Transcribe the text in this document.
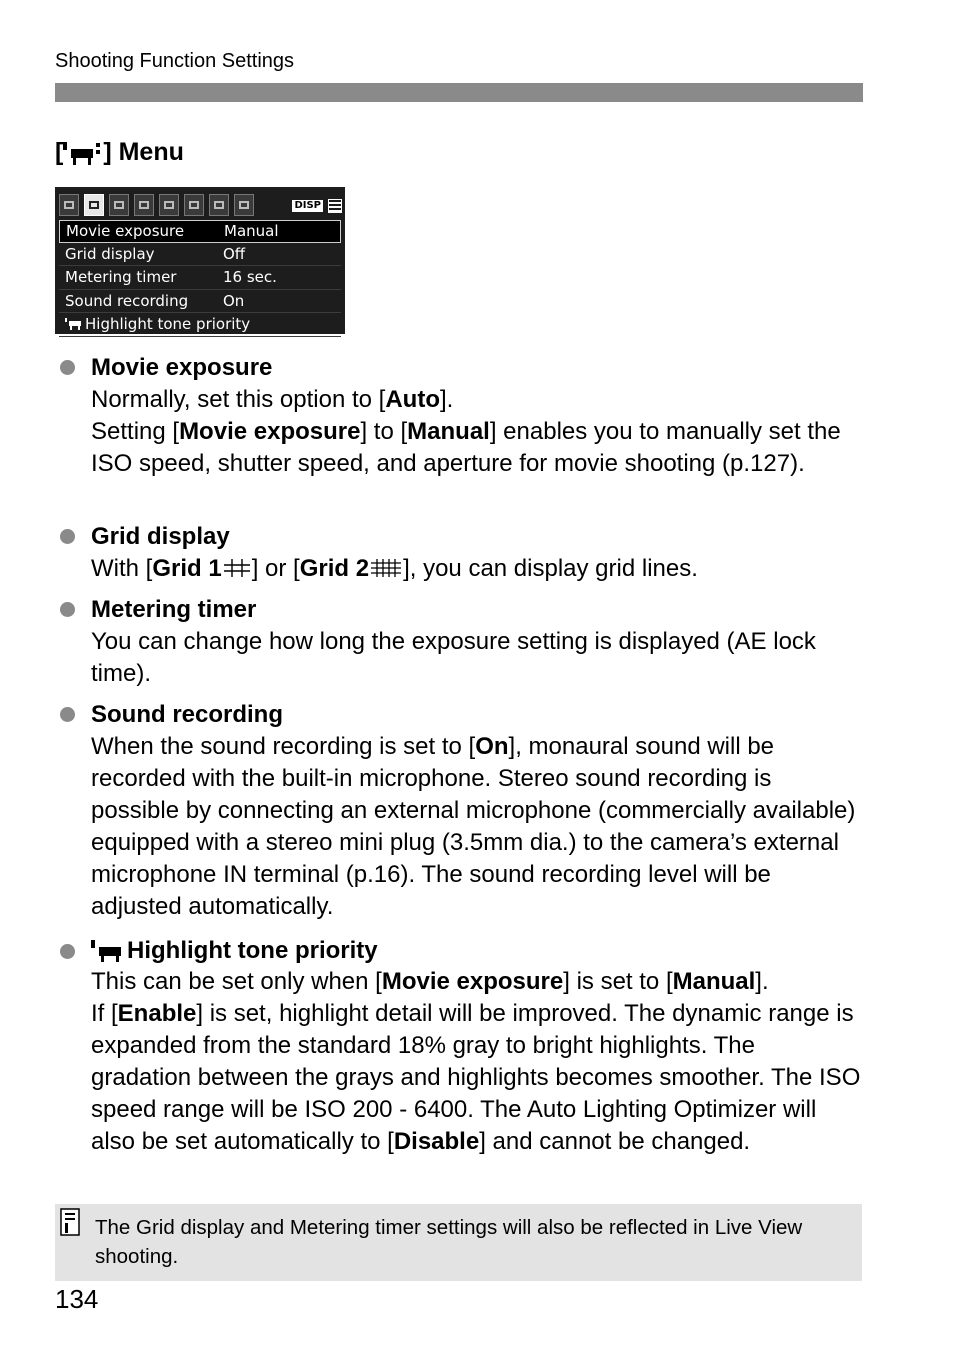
Shooting Function Settings
[ ] Menu
DISP
Movie exposure	Manual
Grid display	Off
Metering timer	16 sec.
Sound recording	On
Highlight tone priority
Movie exposure
Normally, set this option to [Auto].
Setting [Movie exposure] to [Manual] enables you to manually set the ISO speed, shutter speed, and aperture for movie shooting (p.127).
Grid display
With [Grid 1 ] or [Grid 2 ], you can display grid lines.
Metering timer
You can change how long the exposure setting is displayed (AE lock time).
Sound recording
When the sound recording is set to [On], monaural sound will be recorded with the built-in microphone. Stereo sound recording is possible by connecting an external microphone (commercially available) equipped with a stereo mini plug (3.5mm dia.) to the camera’s external microphone IN terminal (p.16). The sound recording level will be adjusted automatically.
Highlight tone priority
This can be set only when [Movie exposure] is set to [Manual].
If [Enable] is set, highlight detail will be improved. The dynamic range is expanded from the standard 18% gray to bright highlights. The gradation between the grays and highlights becomes smoother. The ISO speed range will be ISO 200 - 6400. The Auto Lighting Optimizer will also be set automatically to [Disable] and cannot be changed.
The Grid display and Metering timer settings will also be reflected in Live View shooting.
134
